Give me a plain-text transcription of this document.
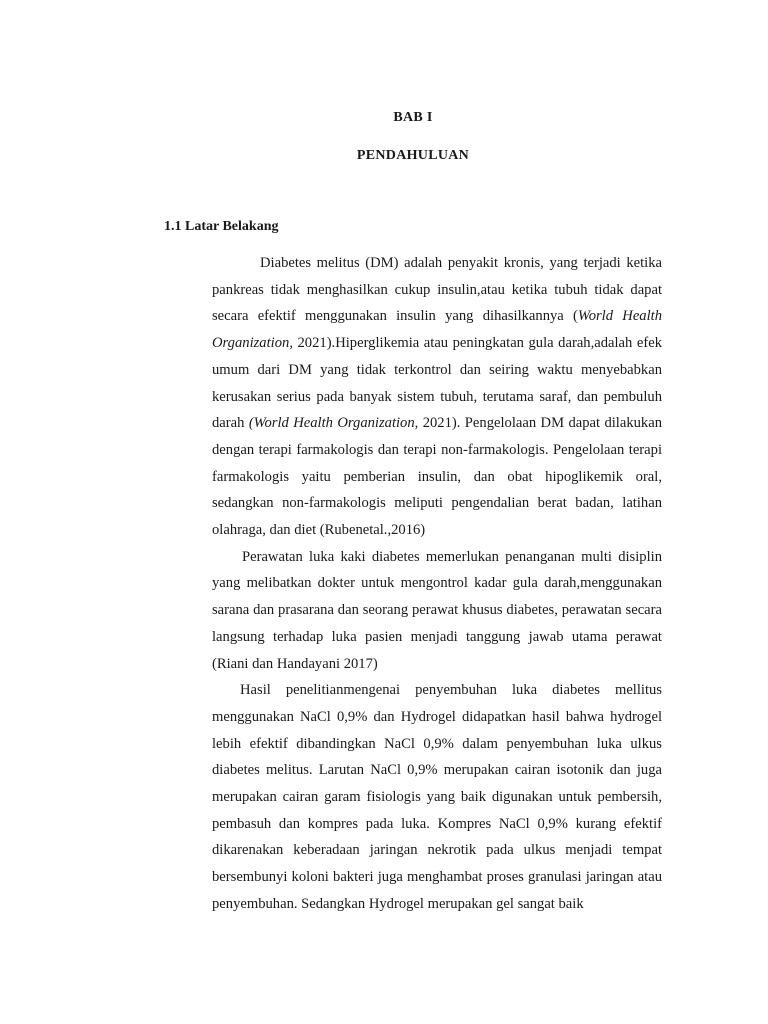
BAB I
PENDAHULUAN
1.1 Latar Belakang

Diabetes melitus (DM) adalah penyakit kronis, yang terjadi ketika pankreas tidak menghasilkan cukup insulin,atau ketika tubuh tidak dapat secara efektif menggunakan insulin yang dihasilkannya (World Health Organization, 2021).Hiperglikemia atau peningkatan gula darah,adalah efek umum dari DM yang tidak terkontrol dan seiring waktu menyebabkan kerusakan serius pada banyak sistem tubuh, terutama saraf, dan pembuluh darah (World Health Organization, 2021). Pengelolaan DM dapat dilakukan dengan terapi farmakologis dan terapi non-farmakologis. Pengelolaan terapi farmakologis yaitu pemberian insulin, dan obat hipoglikemik oral, sedangkan non-farmakologis meliputi pengendalian berat badan, latihan olahraga, dan diet (Rubenetal.,2016)

Perawatan luka kaki diabetes memerlukan penanganan multi disiplin yang melibatkan dokter untuk mengontrol kadar gula darah,menggunakan sarana dan prasarana dan seorang perawat khusus diabetes, perawatan secara langsung terhadap luka pasien menjadi tanggung jawab utama perawat (Riani dan Handayani 2017)

Hasil penelitianmengenai penyembuhan luka diabetes mellitus menggunakan NaCl 0,9% dan Hydrogel didapatkan hasil bahwa hydrogel lebih efektif dibandingkan NaCl 0,9% dalam penyembuhan luka ulkus diabetes melitus. Larutan NaCl 0,9% merupakan cairan isotonik dan juga merupakan cairan garam fisiologis yang baik digunakan untuk pembersih, pembasuh dan kompres pada luka. Kompres NaCl 0,9% kurang efektif dikarenakan keberadaan jaringan nekrotik pada ulkus menjadi tempat bersembunyi koloni bakteri juga menghambat proses granulasi jaringan atau penyembuhan. Sedangkan Hydrogel merupakan gel sangat baik
